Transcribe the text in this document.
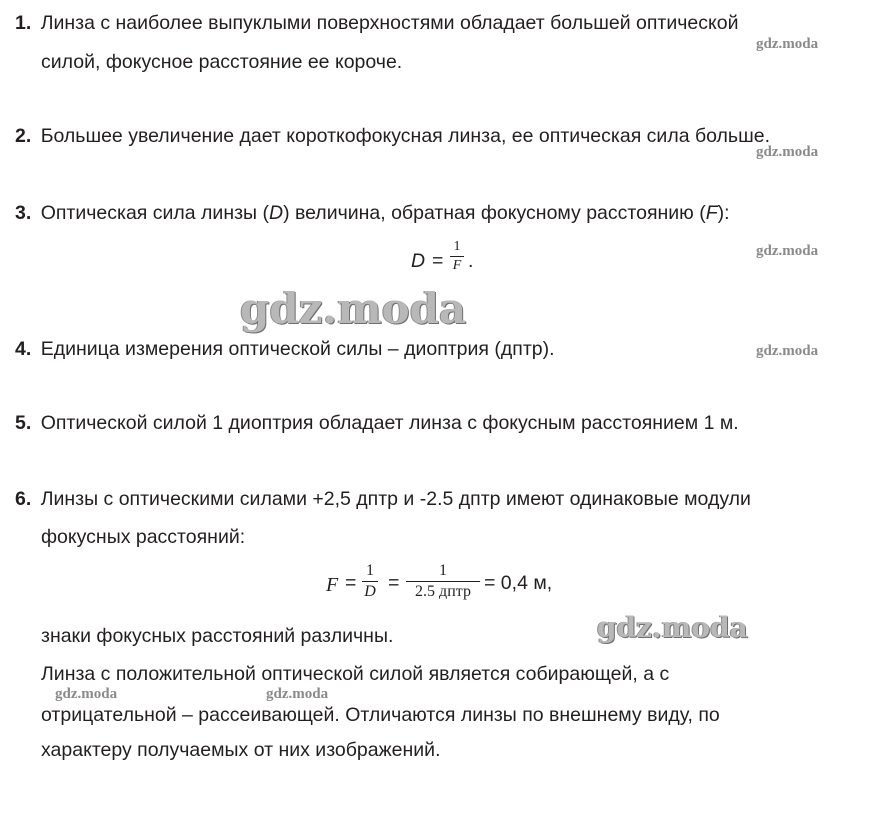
1. Линза с наиболее выпуклыми поверхностями обладает большей оптической
силой, фокусное расстояние ее короче.
2. Большее увеличение дает короткофокусная линза, ее оптическая сила больше.
3. Оптическая сила линзы (D) величина, обратная фокусному расстоянию (F):
D =
1
F .
4. Единица измерения оптической силы – диоптрия (дптр).
5. Оптической силой 1 диоптрия обладает линза с фокусным расстоянием 1 м.
6. Линзы с оптическими силами +2,5 дптр и -2.5 дптр имеют одинаковые модули
фокусных расстояний:
F =
1
D =
1
2.5 дптр = 0,4 м,
знаки фокусных расстояний различны.
Линза с положительной оптической силой является собирающей, а с
отрицательной – рассеивающей. Отличаются линзы по внешнему виду, по
характеру получаемых от них изображений.
gdz.moda
gdz.moda
gdz.moda
gdz.moda
gdz.moda	gdz.moda
gdz.moda
gdz.moda
